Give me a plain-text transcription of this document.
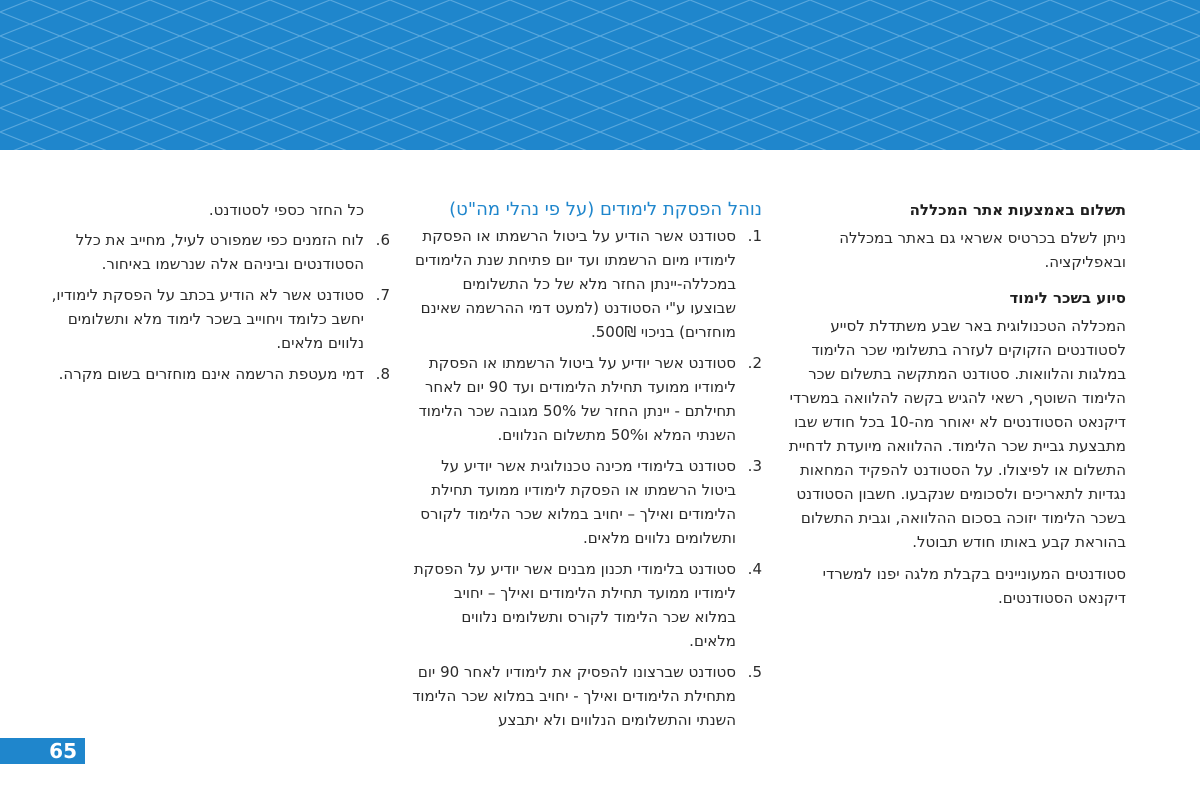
תשלום באמצעות אתר המכללה

ניתן לשלם בכרטיס אשראי גם באתר במכללה ובאפליקציה.

סיוע בשכר לימוד

המכללה הטכנולוגית באר שבע משתדלת לסייע לסטודנטים הזקוקים לעזרה בתשלומי שכר הלימוד במלגות והלוואות. סטודנט המתקשה בתשלום שכר הלימוד השוטף, רשאי להגיש בקשה להלוואה במשרדי דיקנאט הסטודנטים לא יאוחר מה-10 בכל חודש שבו מתבצעת גביית שכר הלימוד. ההלוואה מיועדת לדחיית התשלום או לפיצולו. על הסטודנט להפקיד המחאות נגדיות לתאריכים ולסכומים שנקבעו. חשבון הסטודנט בשכר הלימוד יזוכה בסכום ההלוואה, וגבית התשלום בהוראת קבע באותו חודש תבוטל.

סטודנטים המעוניינים בקבלת מלגה יפנו למשרדי דיקנאט הסטודנטים.

נוהל הפסקת לימודים (על פי נהלי מה"ט)
1.
סטודנט אשר הודיע על ביטול הרשמתו או הפסקת לימודיו מיום הרשמתו ועד יום פתיחת שנת הלימודים במכללה-יינתן החזר מלא של כל התשלומים שבוצעו ע"י הסטודנט (למעט דמי ההרשמה שאינם מוחזרים) בניכוי 500₪.
2.
סטודנט אשר יודיע על ביטול הרשמתו או הפסקת לימודיו ממועד תחילת הלימודים ועד 90 יום לאחר תחילתם - יינתן החזר של 50% מגובה שכר הלימוד השנתי המלא ו50% מתשלום הנלווים.
3.
סטודנט בלימודי מכינה טכנולוגית אשר יודיע על ביטול הרשמתו או הפסקת לימודיו ממועד תחילת הלימודים ואילך – יחויב במלוא שכר הלימוד לקורס ותשלומים נלווים מלאים.
4.
סטודנט בלימודי תכנון מבנים אשר יודיע על הפסקת לימודיו ממועד תחילת הלימודים ואילך – יחויב במלוא שכר הלימוד לקורס ותשלומים נלווים מלאים.
5.
סטודנט שברצונו להפסיק את לימודיו לאחר 90 יום מתחילת הלימודים ואילך - יחויב במלוא שכר הלימוד השנתי והתשלומים הנלווים ולא יתבצע
כל החזר כספי לסטודנט.
6.
לוח הזמנים כפי שמפורט לעיל, מחייב את כלל הסטודנטים וביניהם אלה שנרשמו באיחור.
7.
סטודנט אשר לא הודיע בכתב על הפסקת לימודיו, יחשב כלומד ויחוייב בשכר לימוד מלא ותשלומים נלווים מלאים.
8.
דמי מעטפת הרשמה אינם מוחזרים בשום מקרה.
65
